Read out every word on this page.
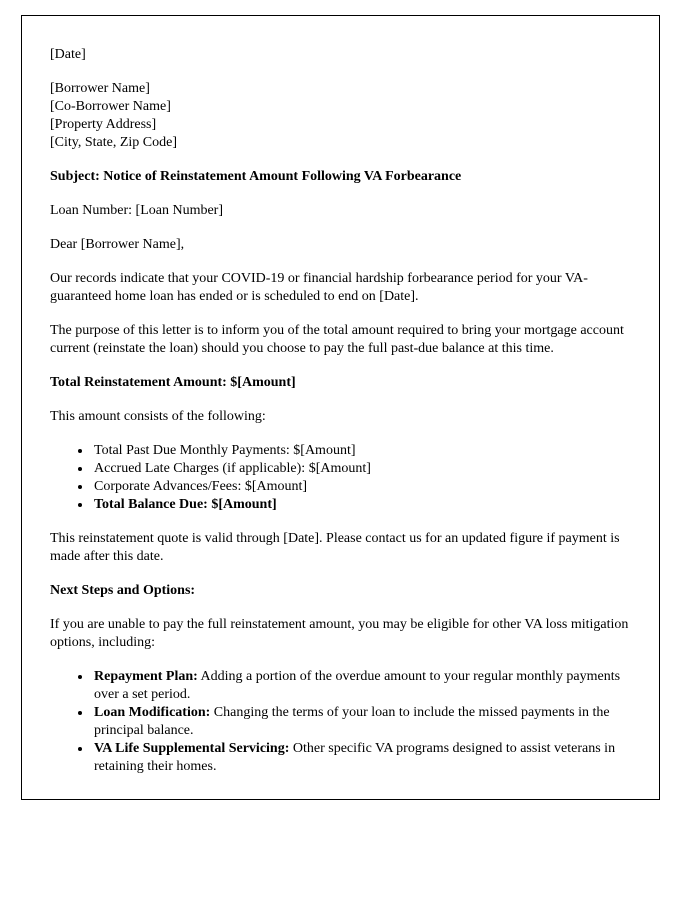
[Date]

[Borrower Name]
[Co-Borrower Name]
[Property Address]
[City, State, Zip Code]

Subject: Notice of Reinstatement Amount Following VA Forbearance

Loan Number: [Loan Number]

Dear [Borrower Name],

Our records indicate that your COVID-19 or financial hardship forbearance period for your VA-guaranteed home loan has ended or is scheduled to end on [Date].

The purpose of this letter is to inform you of the total amount required to bring your mortgage account current (reinstate the loan) should you choose to pay the full past-due balance at this time.

Total Reinstatement Amount: $[Amount]

This amount consists of the following:

• Total Past Due Monthly Payments: $[Amount]
• Accrued Late Charges (if applicable): $[Amount]
• Corporate Advances/Fees: $[Amount]
• Total Balance Due: $[Amount]

This reinstatement quote is valid through [Date]. Please contact us for an updated figure if payment is made after this date.

Next Steps and Options:

If you are unable to pay the full reinstatement amount, you may be eligible for other VA loss mitigation options, including:

• Repayment Plan: Adding a portion of the overdue amount to your regular monthly payments over a set period.
• Loan Modification: Changing the terms of your loan to include the missed payments in the principal balance.
• VA Life Supplemental Servicing: Other specific VA programs designed to assist veterans in retaining their homes.
